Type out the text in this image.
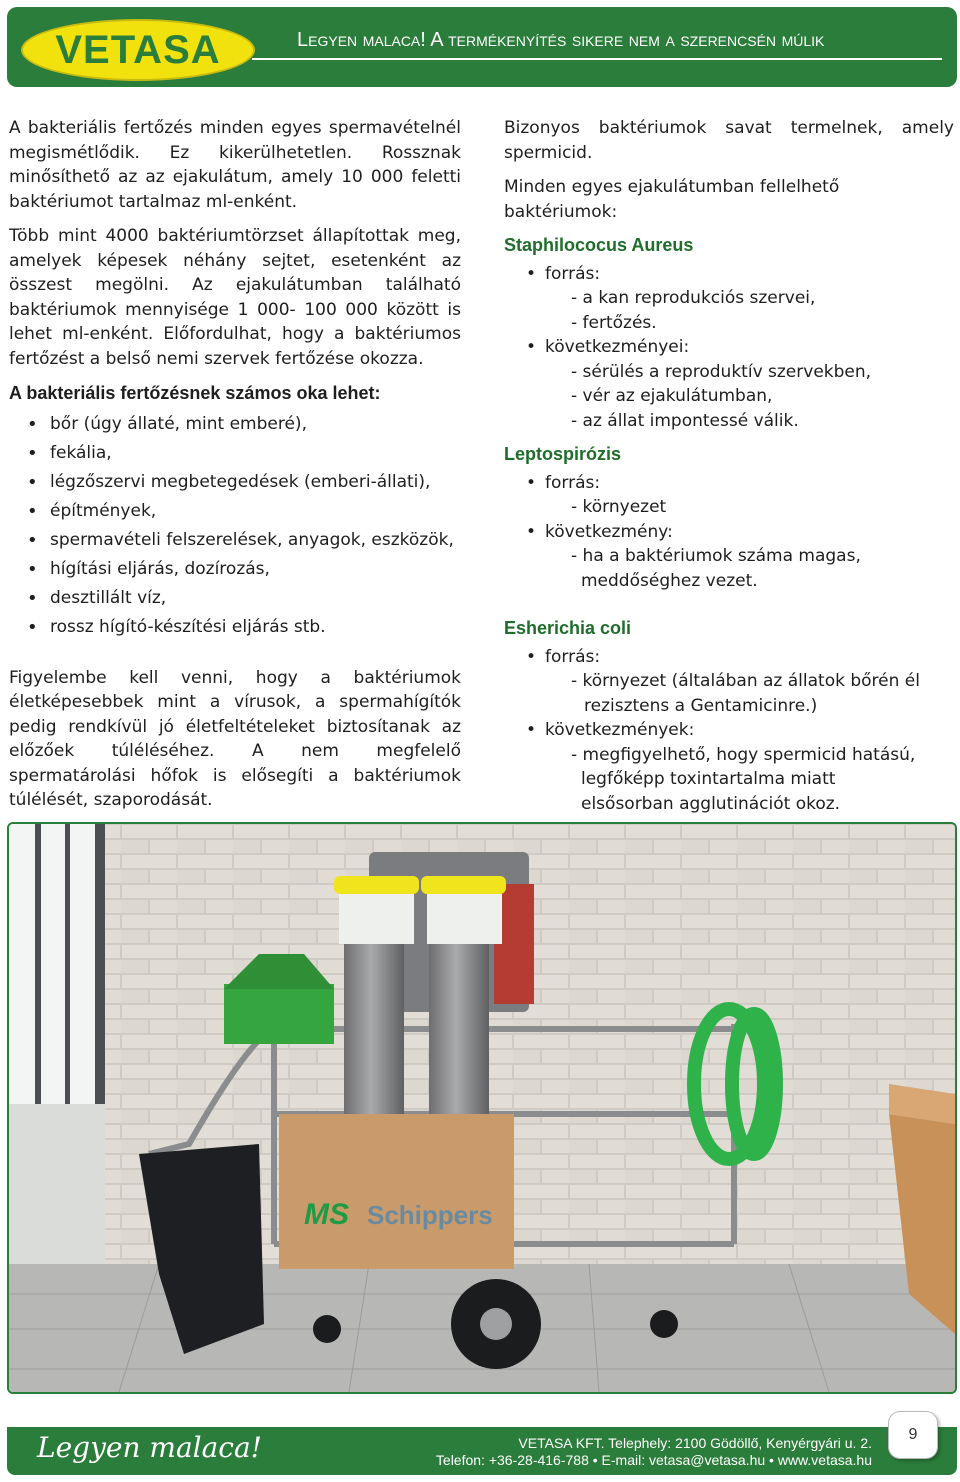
VETASA	Legyen malaca! A termékenyítés sikere nem a szerencsén múlik

A bakteriális fertőzés minden egyes spermavételnél megismétlődik. Ez kikerülhetetlen. Rossznak minősíthető az az ejakulátum, amely 10 000 feletti baktériumot tartalmaz ml-enként.

Több mint 4000 baktériumtörzset állapítottak meg, amelyek képesek néhány sejtet, esetenként az összest megölni. Az ejakulátumban található baktériumok mennyisége 1 000- 100 000 között is lehet ml-enként. Előfordulhat, hogy a baktériumos fertőzést a belső nemi szervek fertőzése okozza.

A bakteriális fertőzésnek számos oka lehet:
• bőr (úgy állaté, mint emberé),
• fekália,
• légzőszervi megbetegedések (emberi-állati),
• építmények,
• spermavételi felszerelések, anyagok, eszközök,
• hígítási eljárás, dozírozás,
• desztillált víz,
• rossz hígító-készítési eljárás stb.

Figyelembe kell venni, hogy a baktériumok életképesebbek mint a vírusok, a spermahígítók pedig rendkívül jó életfeltételeket biztosítanak az előzőek túléléséhez. A nem megfelelő spermatárolási hőfok is elősegíti a baktériumok túlélését, szaporodását.

Bizonyos baktériumok savat termelnek, amely spermicid.

Minden egyes ejakulátumban fellelhető baktériumok:
Staphilococus Aureus
• forrás:
- a kan reprodukciós szervei,
- fertőzés.
• következményei:
- sérülés a reproduktív szervekben,
- vér az ejakulátumban,
- az állat impontessé válik.
Leptospirózis
• forrás:
- környezet
• következmény:
- ha a baktériumok száma magas,
meddőséghez vezet.
Esherichia coli
• forrás:
- környezet (általában az állatok bőrén él
rezisztens a Gentamicinre.)
• következmények:
- megfigyelhető, hogy spermicid hatású,
legfőképp toxintartalma miatt
elsősorban agglutinációt okoz.
MS Schippers
Legyen malaca!	VETASA KFT. Telephely: 2100 Gödöllő, Kenyérgyári u. 2.
Telefon: +36-28-416-788 • E-mail: vetasa@vetasa.hu • www.vetasa.hu
9
